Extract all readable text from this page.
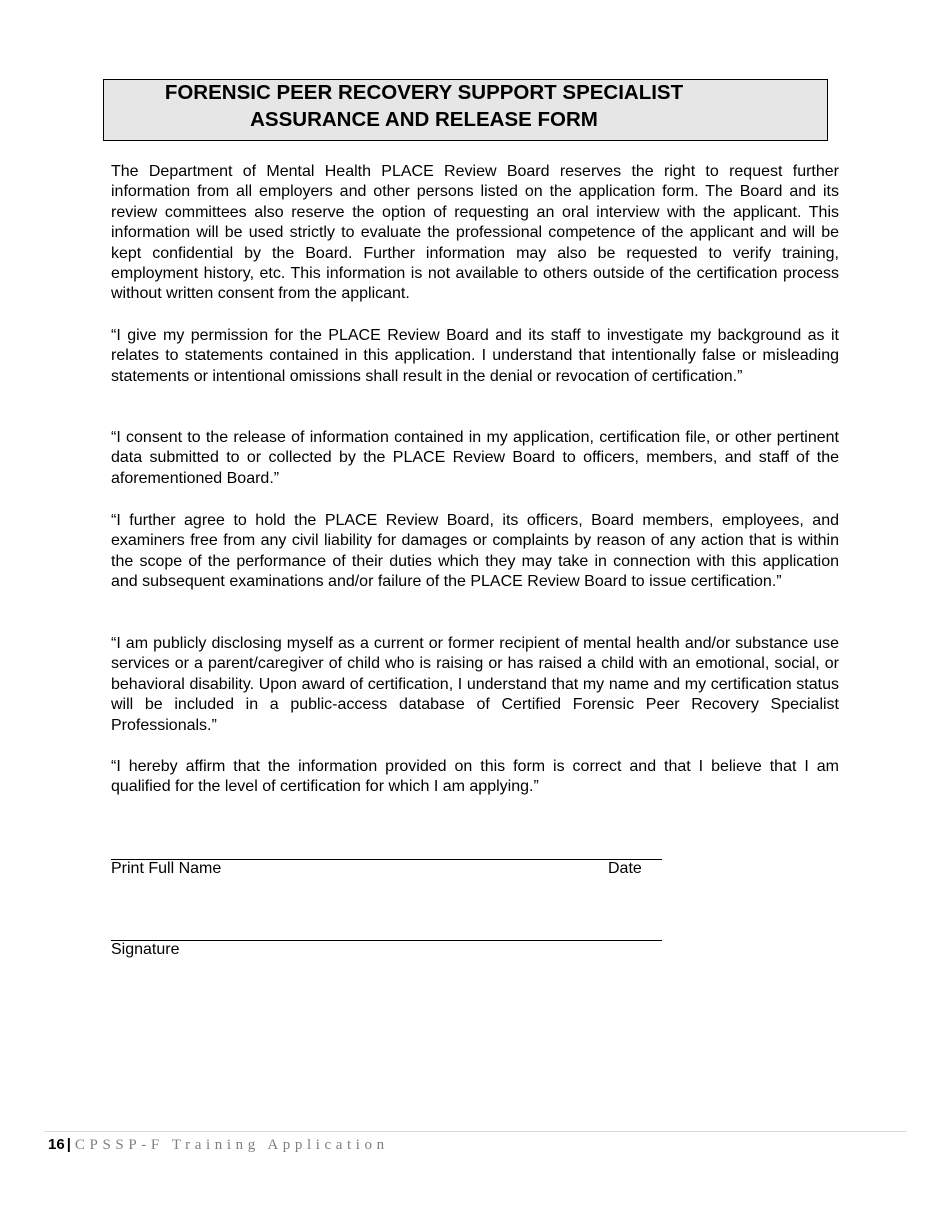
FORENSIC PEER RECOVERY SUPPORT SPECIALIST
ASSURANCE AND RELEASE FORM

The Department of Mental Health PLACE Review Board reserves the right to request further information from all employers and other persons listed on the application form. The Board and its review committees also reserve the option of requesting an oral interview with the applicant. This information will be used strictly to evaluate the professional competence of the applicant and will be kept confidential by the Board. Further information may also be requested to verify training, employment history, etc. This information is not available to others outside of the certification process without written consent from the applicant.

“I give my permission for the PLACE Review Board and its staff to investigate my background as it relates to statements contained in this application. I understand that intentionally false or misleading statements or intentional omissions shall result in the denial or revocation of certification.”

“I consent to the release of information contained in my application, certification file, or other pertinent data submitted to or collected by the PLACE Review Board to officers, members, and staff of the aforementioned Board.”

“I further agree to hold the PLACE Review Board, its officers, Board members, employees, and examiners free from any civil liability for damages or complaints by reason of any action that is within the scope of the performance of their duties which they may take in connection with this application and subsequent examinations and/or failure of the PLACE Review Board to issue certification.”

“I am publicly disclosing myself as a current or former recipient of mental health and/or substance use services or a parent/caregiver of child who is raising or has raised a child with an emotional, social, or behavioral disability. Upon award of certification, I understand that my name and my certification status will be included in a public-access database of Certified Forensic Peer Recovery Specialist Professionals.”

“I hereby affirm that the information provided on this form is correct and that I believe that I am qualified for the level of certification for which I am applying.”

Print Full Name	Date
Signature
16 | CPSSP-F Training Application
